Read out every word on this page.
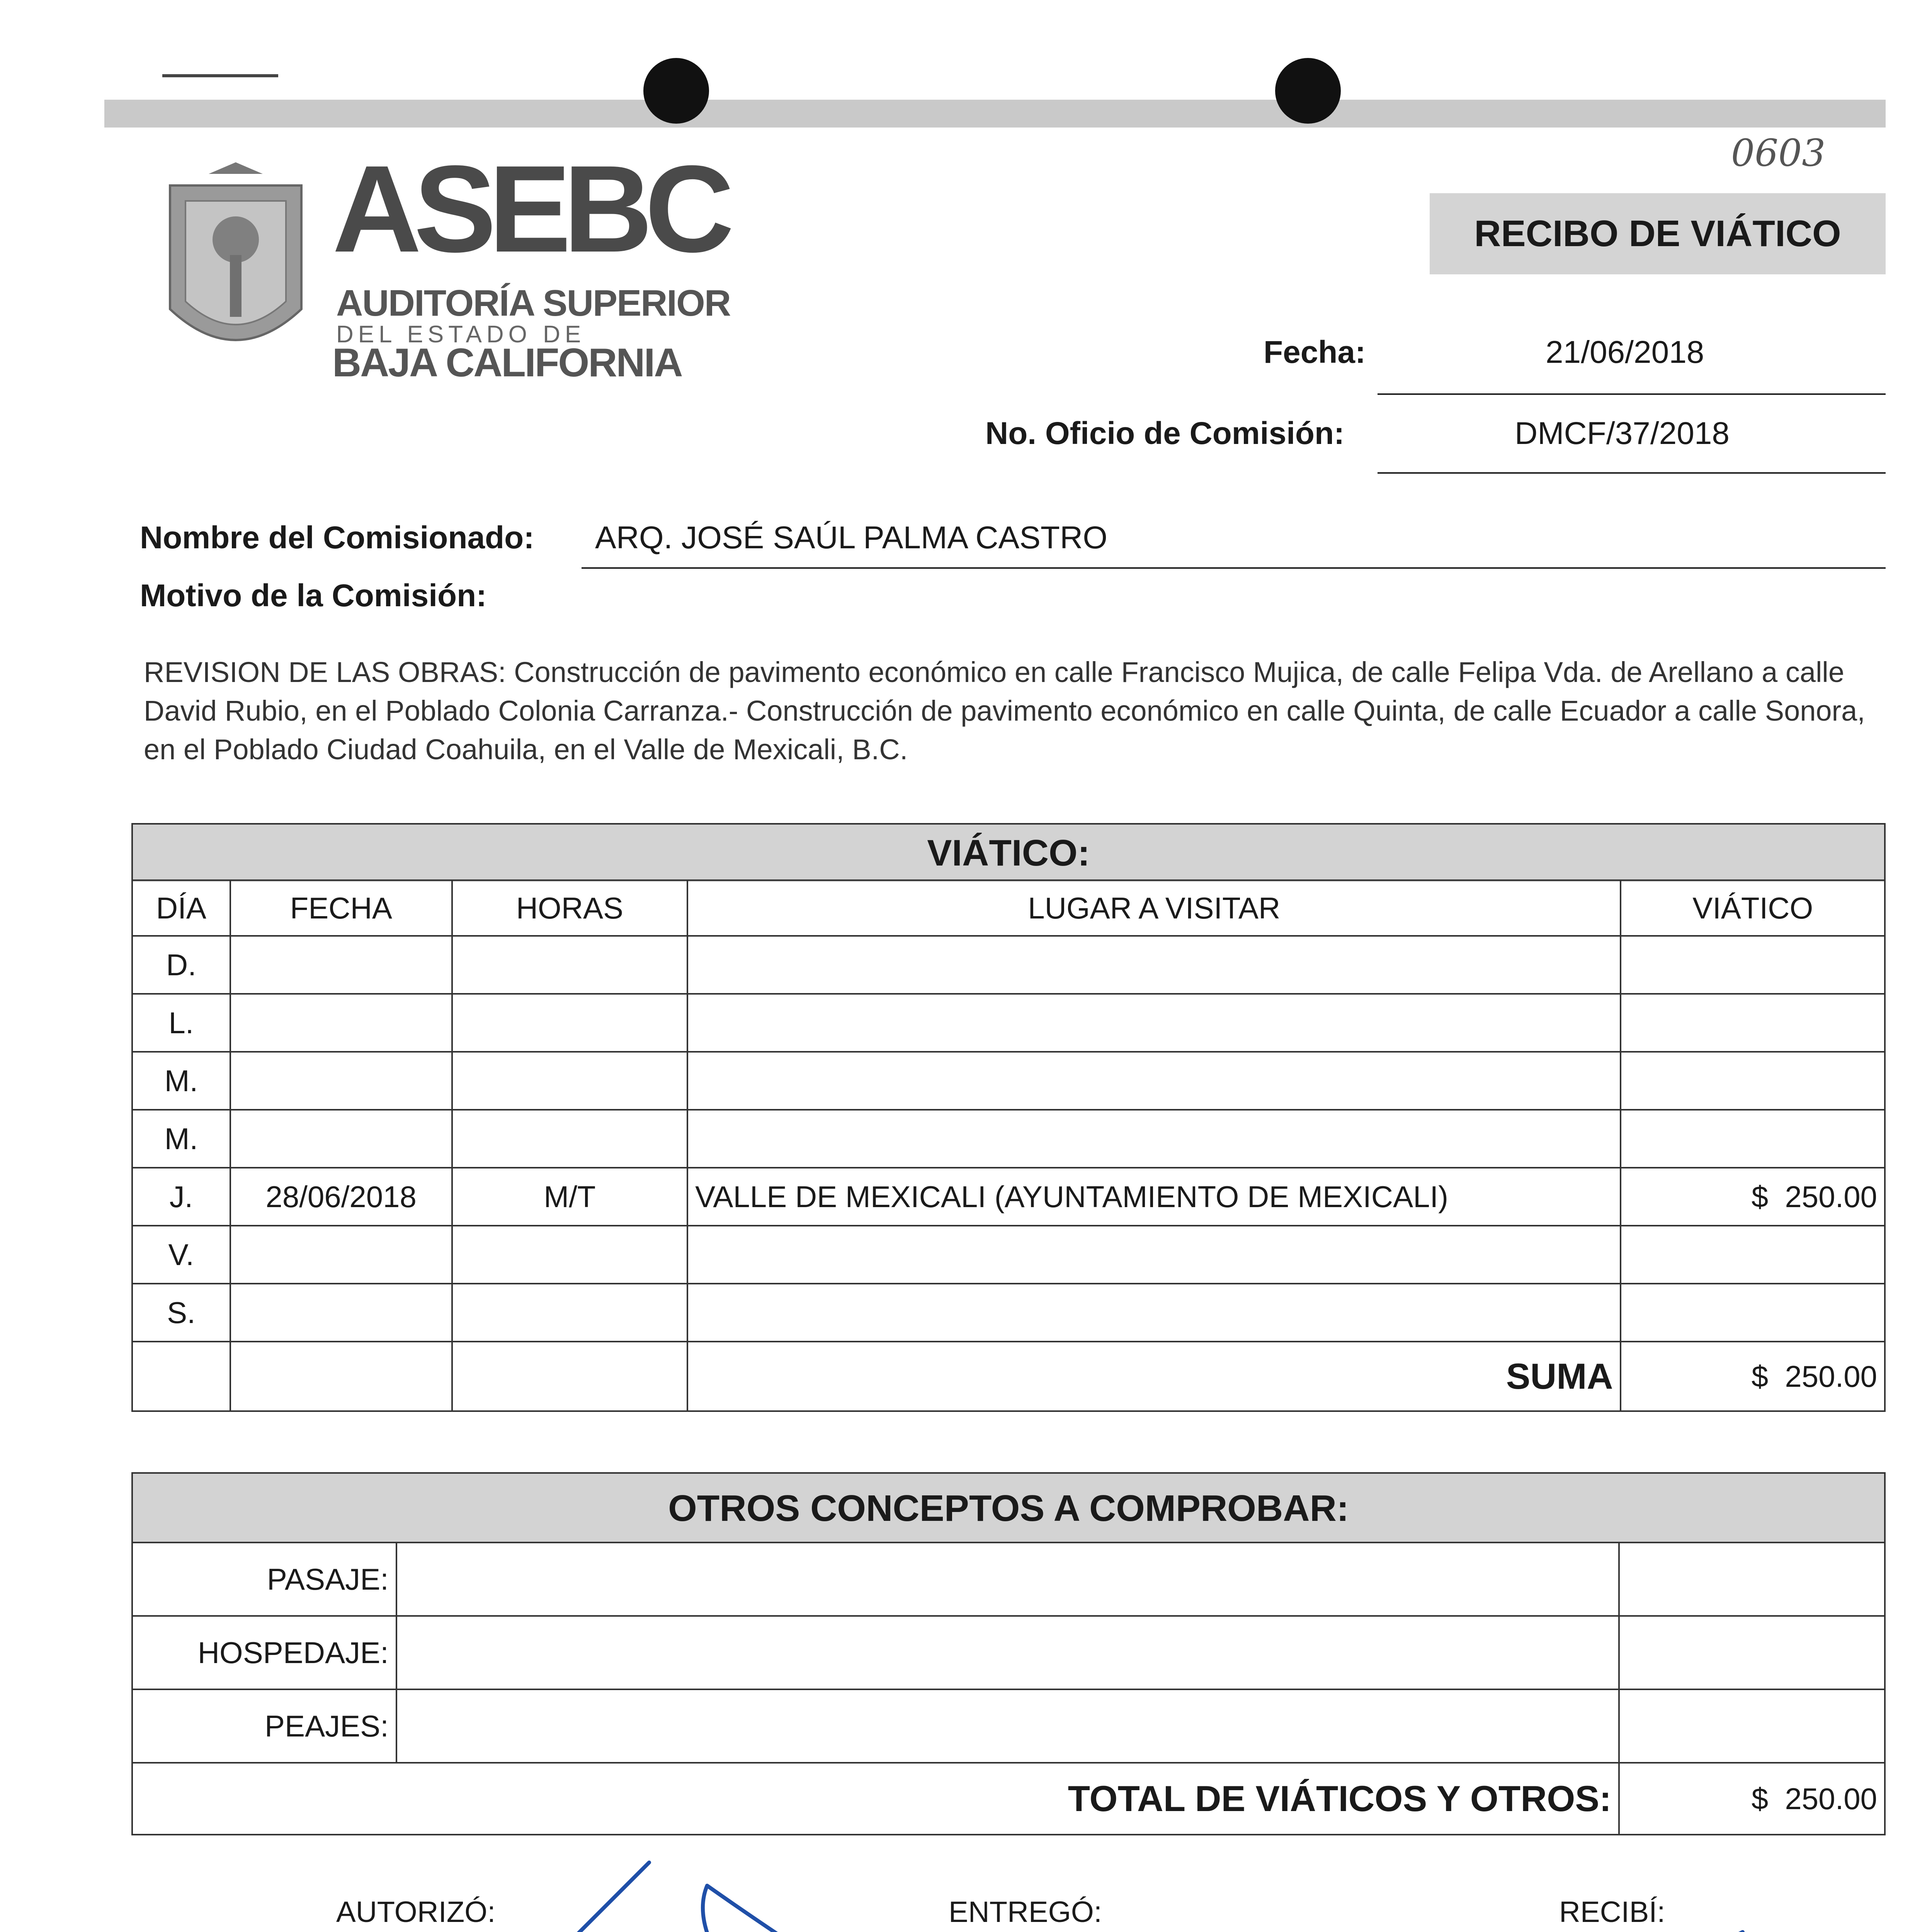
0603
ASEBC
AUDITORÍA SUPERIOR
DEL ESTADO DE
BAJA CALIFORNIA
RECIBO DE VIÁTICO
Fecha:	21/06/2018
No. Oficio de Comisión:	DMCF/37/2018
Nombre del Comisionado: ARQ. JOSÉ SAÚL PALMA CASTRO
Motivo de la Comisión:
REVISION DE LAS OBRAS: Construcción de pavimento económico en calle Francisco Mujica, de calle Felipa Vda. de Arellano a calle David Rubio, en el Poblado Colonia Carranza.- Construcción de pavimento económico en calle Quinta, de calle Ecuador a calle Sonora, en el Poblado Ciudad Coahuila, en el Valle de Mexicali, B.C.
VIÁTICO:
DÍA	FECHA	HORAS	LUGAR A VISITAR	VIÁTICO
D.				
L.				
M.				
M.				
J.	28/06/2018	M/T	VALLE DE MEXICALI (AYUNTAMIENTO DE MEXICALI)	$  250.00
V.				
S.				
			SUMA	$  250.00
OTROS CONCEPTOS A COMPROBAR:
PASAJE:		
HOSPEDAJE:		
PEAJES:		
TOTAL DE VIÁTICOS Y OTROS:		$  250.00
AUTORIZÓ:	ENTREGÓ:	RECIBÍ:
